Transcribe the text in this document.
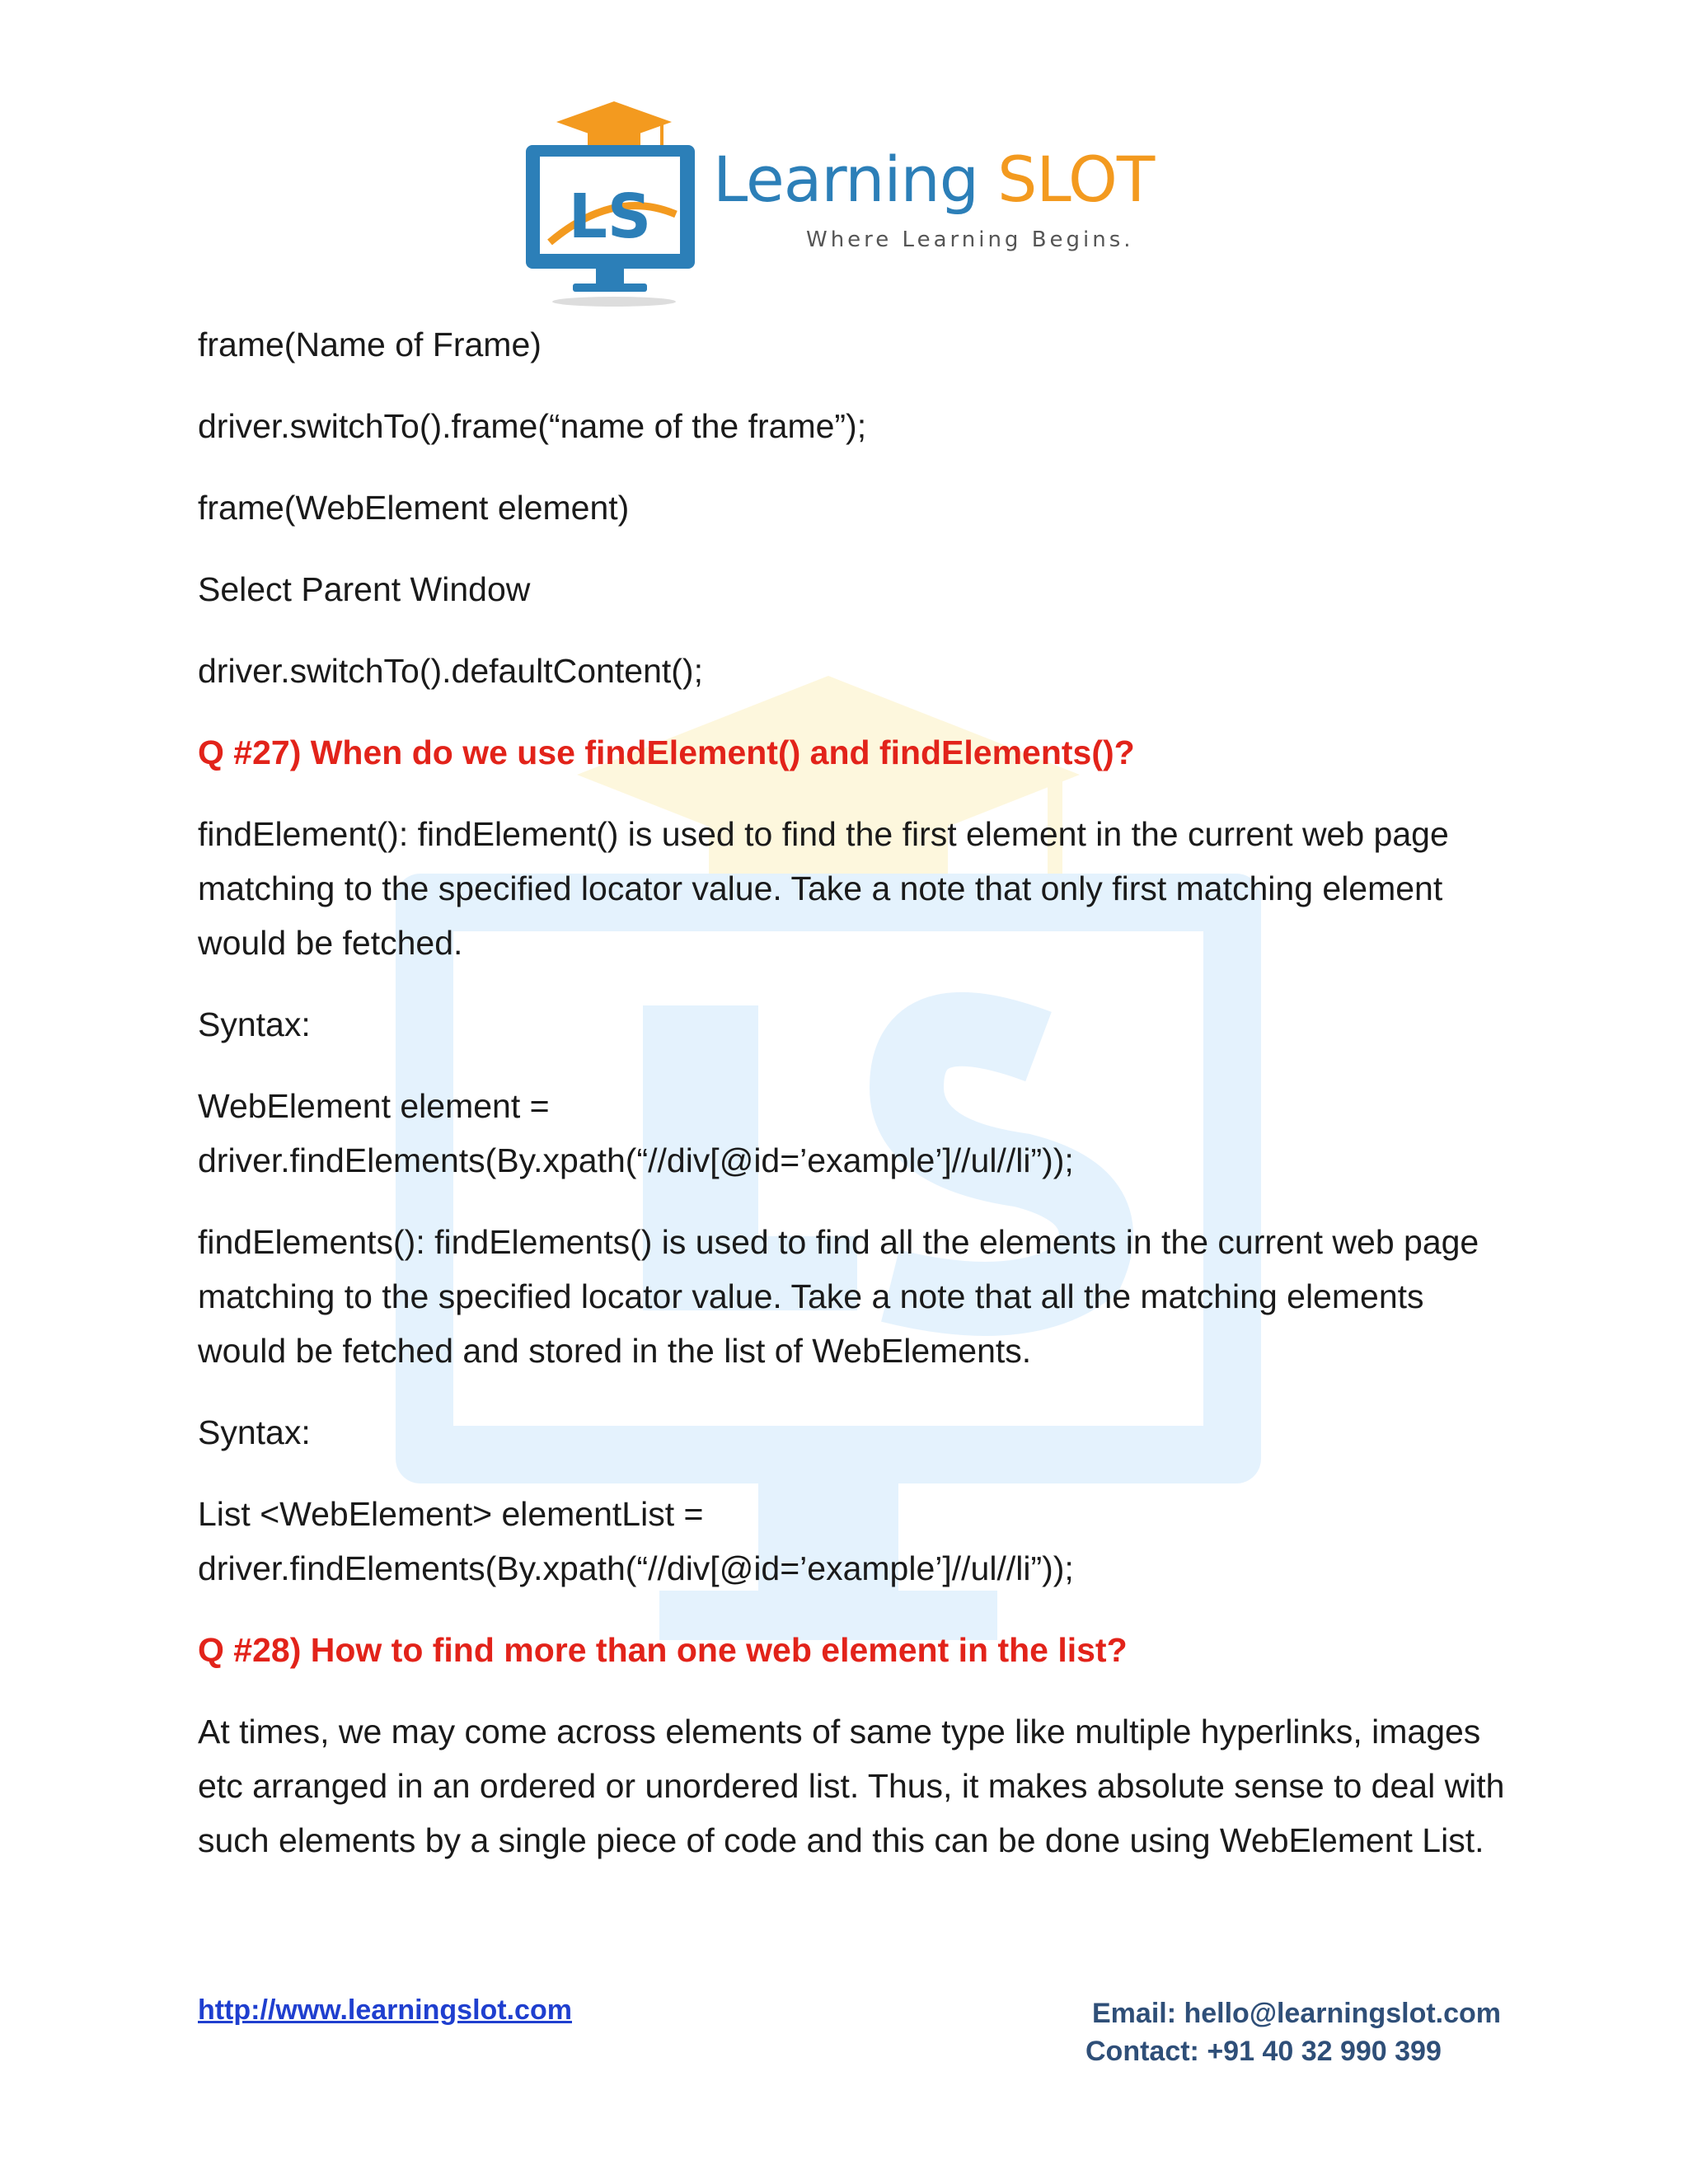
LS
Learning SLOT
Where Learning Begins.

frame(Name of Frame)

driver.switchTo().frame(“name of the frame”);

frame(WebElement element)

Select Parent Window

driver.switchTo().defaultContent();

Q #27) When do we use findElement() and findElements()?

findElement(): findElement() is used to find the first element in the current web page matching to the specified locator value. Take a note that only first matching element would be fetched.

Syntax:

WebElement element =

driver.findElements(By.xpath(“//div[@id=’example’]//ul//li”));

findElements(): findElements() is used to find all the elements in the current web page matching to the specified locator value. Take a note that all the matching elements would be fetched and stored in the list of WebElements.

Syntax:

List <WebElement> elementList =

driver.findElements(By.xpath(“//div[@id=’example’]//ul//li”));

Q #28) How to find more than one web element in the list?

At times, we may come across elements of same type like multiple hyperlinks, images etc arranged in an ordered or unordered list. Thus, it makes absolute sense to deal with such elements by a single piece of code and this can be done using WebElement List.

http://www.learningslot.com	Email: hello@learningslot.com
Contact: +91 40 32 990 399
